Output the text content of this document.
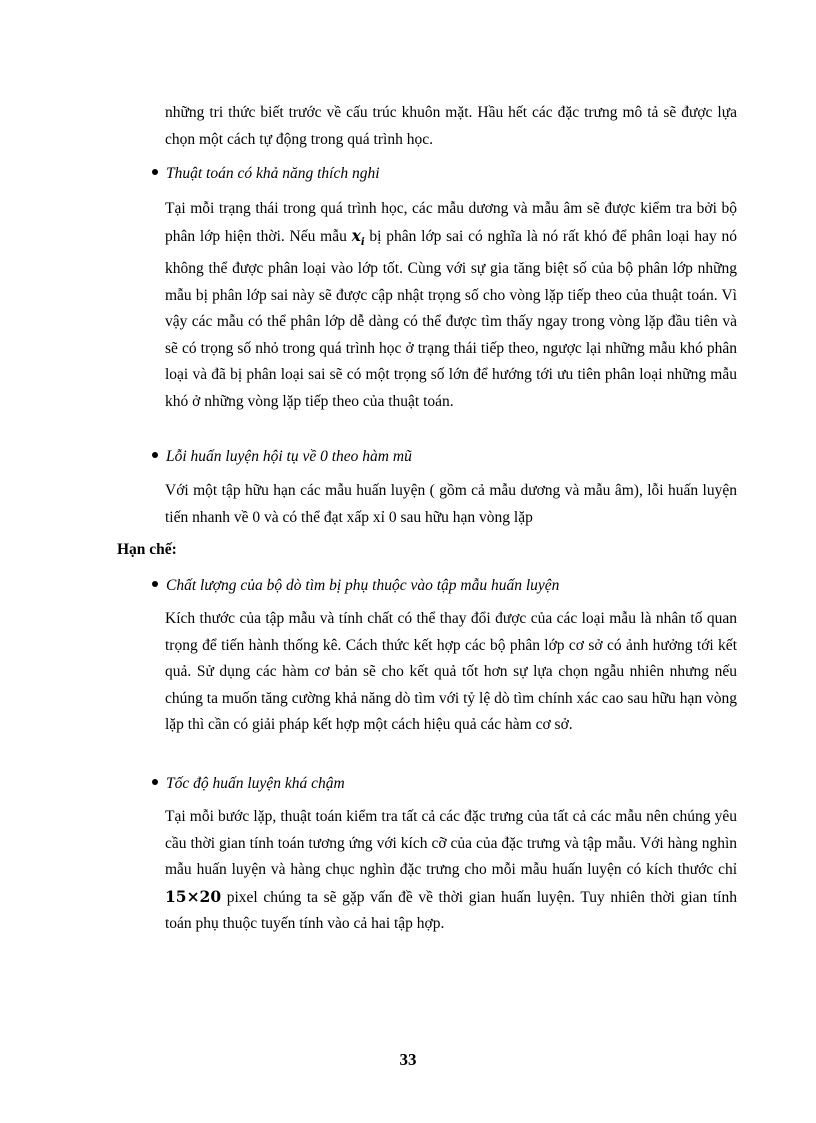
những tri thức biết trước về cấu trúc khuôn mặt. Hầu hết các đặc trưng mô tả sẽ được lựa chọn một cách tự động trong quá trình học.

Thuật toán có khả năng thích nghi

Tại mỗi trạng thái trong quá trình học, các mẫu dương và mẫu âm sẽ được kiểm tra bởi bộ phân lớp hiện thời. Nếu mẫu $x_i$ bị phân lớp sai có nghĩa là nó rất khó để phân loại hay nó không thể được phân loại vào lớp tốt. Cùng với sự gia tăng biệt số của bộ phân lớp những mẫu bị phân lớp sai này sẽ được cập nhật trọng số cho vòng lặp tiếp theo của thuật toán. Vì vậy các mẫu có thể phân lớp dễ dàng có thể được tìm thấy ngay trong vòng lặp đầu tiên và sẽ có trọng số nhỏ trong quá trình học ở trạng thái tiếp theo, ngược lại những mẫu khó phân loại và đã bị phân loại sai sẽ có một trọng số lớn để hướng tới ưu tiên phân loại những mẫu khó ở những vòng lặp tiếp theo của thuật toán.

Lỗi huấn luyện hội tụ về 0 theo hàm mũ

Với một tập hữu hạn các mẫu huấn luyện ( gồm cả mẫu dương và mẫu âm), lỗi huấn luyện tiến nhanh về 0 và có thể đạt xấp xỉ 0 sau hữu hạn vòng lặp

Hạn chế:

Chất lượng của bộ dò tìm bị phụ thuộc vào tập mẫu huấn luyện

Kích thước của tập mẫu và tính chất có thể thay đổi được của các loại mẫu là nhân tố quan trọng để tiến hành thống kê. Cách thức kết hợp các bộ phân lớp cơ sở có ảnh hưởng tới kết quả. Sử dụng các hàm cơ bản sẽ cho kết quả tốt hơn sự lựa chọn ngẫu nhiên nhưng nếu chúng ta muốn tăng cường khả năng dò tìm với tỷ lệ dò tìm chính xác cao sau hữu hạn vòng lặp thì cần có giải pháp kết hợp một cách hiệu quả các hàm cơ sở.

Tốc độ huấn luyện khá chậm

Tại mỗi bước lặp, thuật toán kiểm tra tất cả các đặc trưng của tất cả các mẫu nên chúng yêu cầu thời gian tính toán tương ứng với kích cỡ của của đặc trưng và tập mẫu. Với hàng nghìn mẫu huấn luyện và hàng chục nghìn đặc trưng cho mỗi mẫu huấn luyện có kích thước chỉ 15×20 pixel chúng ta sẽ gặp vấn đề về thời gian huấn luyện. Tuy nhiên thời gian tính toán phụ thuộc tuyến tính vào cả hai tập hợp.

33
